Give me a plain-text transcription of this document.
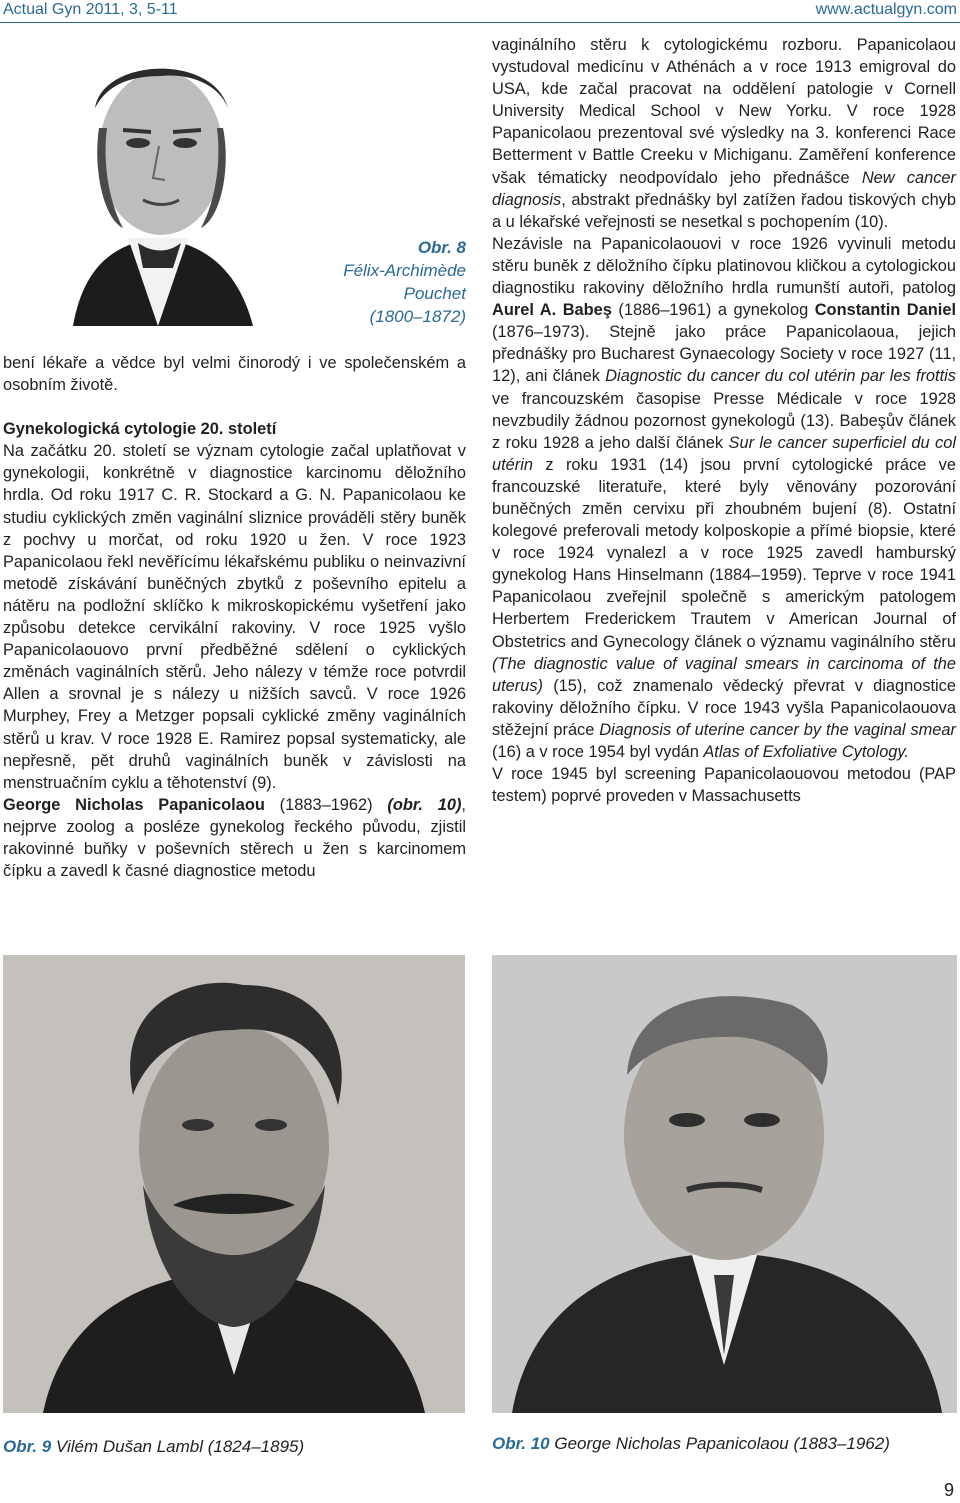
Actual Gyn 2011, 3, 5-11	www.actualgyn.com
Obr. 8
Félix-Archimède
Pouchet
(1800–1872)

bení lékaře a vědce byl velmi činorodý i ve společenském a osobním životě.

Gynekologická cytologie 20. století

Na začátku 20. století se význam cytologie začal uplatňovat v gynekologii, konkrétně v diagnostice karcinomu děložního hrdla. Od roku 1917 C. R. Stockard a G. N. Papanicolaou ke studiu cyklických změn vaginální sliznice prováděli stěry buněk z pochvy u morčat, od roku 1920 u žen. V roce 1923 Papanicolaou řekl nevěřícímu lékařskému publiku o neinvazivní metodě získávání buněčných zbytků z poševního epitelu a nátěru na podložní sklíčko k mikroskopickému vyšetření jako způsobu detekce cervikální rakoviny. V roce 1925 vyšlo Papanicolaouovo první předběžné sdělení o cyklických změnách vaginálních stěrů. Jeho nálezy v témže roce potvrdil Allen a srovnal je s nálezy u nižších savců. V roce 1926 Murphey, Frey a Metzger popsali cyklické změny vaginálních stěrů u krav. V roce 1928 E. Ramirez popsal systematicky, ale nepřesně, pět druhů vaginálních buněk v závislosti na menstruačním cyklu a těhotenství (9).

George Nicholas Papanicolaou (1883–1962) (obr. 10), nejprve zoolog a posléze gynekolog řeckého původu, zjistil rakovinné buňky v poševních stěrech u žen s karcinomem čípku a zavedl k časné diagnostice metodu

vaginálního stěru k cytologickému rozboru. Papanicolaou vystudoval medicínu v Athénách a v roce 1913 emigroval do USA, kde začal pracovat na oddělení patologie v Cornell University Medical School v New Yorku. V roce 1928 Papanicolaou prezentoval své výsledky na 3. konferenci Race Betterment v Battle Creeku v Michiganu. Zaměření konference však tématicky neodpovídalo jeho přednášce New cancer diagnosis, abstrakt přednášky byl zatížen řadou tiskových chyb a u lékařské veřejnosti se nesetkal s pochopením (10).

Nezávisle na Papanicolaouovi v roce 1926 vyvinuli metodu stěru buněk z děložního čípku platinovou kličkou a cytologickou diagnostiku rakoviny děložního hrdla rumunští autoři, patolog Aurel A. Babeş (1886–1961) a gynekolog Constantin Daniel (1876–1973). Stejně jako práce Papanicolaoua, jejich přednášky pro Bucharest Gynaecology Society v roce 1927 (11, 12), ani článek Diagnostic du cancer du col utérin par les frottis ve francouzském časopise Presse Médicale v roce 1928 nevzbudily žádnou pozornost gynekologů (13). Babeşův článek z roku 1928 a jeho další článek Sur le cancer superficiel du col utérin z roku 1931 (14) jsou první cytologické práce ve francouzské literatuře, které byly věnovány pozorování buněčných změn cervixu při zhoubném bujení (8). Ostatní kolegové preferovali metody kolposkopie a přímé biopsie, které v roce 1924 vynalezl a v roce 1925 zavedl hamburský gynekolog Hans Hinselmann (1884–1959). Teprve v roce 1941 Papanicolaou zveřejnil společně s americkým patologem Herbertem Frederickem Trautem v American Journal of Obstetrics and Gynecology článek o významu vaginálního stěru (The diagnostic value of vaginal smears in carcinoma of the uterus) (15), což znamenalo vědecký převrat v diagnostice rakoviny děložního čípku. V roce 1943 vyšla Papanicolaouova stěžejní práce Diagnosis of uterine cancer by the vaginal smear (16) a v roce 1954 byl vydán Atlas of Exfoliative Cytology.

V roce 1945 byl screening Papanicolaouovou metodou (PAP testem) poprvé proveden v Massachusetts

Obr. 9 Vilém Dušan Lambl (1824–1895)	Obr. 10 George Nicholas Papanicolaou (1883–1962)
9
